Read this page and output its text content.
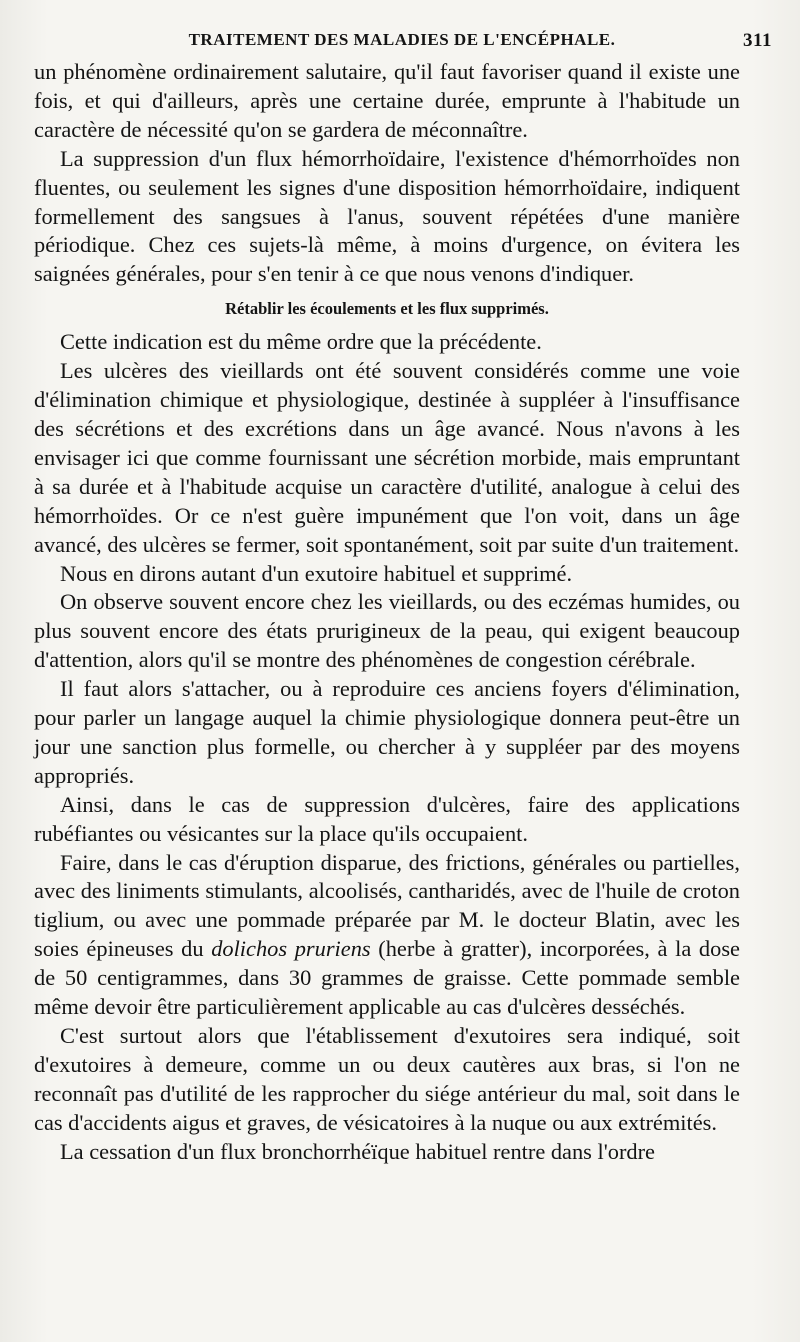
TRAITEMENT DES MALADIES DE L'ENCÉPHALE.	311

un phénomène ordinairement salutaire, qu'il faut favoriser quand il existe une fois, et qui d'ailleurs, après une certaine durée, emprunte à l'habitude un caractère de nécessité qu'on se gardera de méconnaître.

La suppression d'un flux hémorrhoïdaire, l'existence d'hémorrhoïdes non fluentes, ou seulement les signes d'une disposition hémorrhoïdaire, indiquent formellement des sangsues à l'anus, souvent répétées d'une manière périodique. Chez ces sujets-là même, à moins d'urgence, on évitera les saignées générales, pour s'en tenir à ce que nous venons d'indiquer.

Rétablir les écoulements et les flux supprimés.

Cette indication est du même ordre que la précédente.

Les ulcères des vieillards ont été souvent considérés comme une voie d'élimination chimique et physiologique, destinée à suppléer à l'insuffisance des sécrétions et des excrétions dans un âge avancé. Nous n'avons à les envisager ici que comme fournissant une sécrétion morbide, mais empruntant à sa durée et à l'habitude acquise un caractère d'utilité, analogue à celui des hémorrhoïdes. Or ce n'est guère impunément que l'on voit, dans un âge avancé, des ulcères se fermer, soit spontanément, soit par suite d'un traitement.

Nous en dirons autant d'un exutoire habituel et supprimé.

On observe souvent encore chez les vieillards, ou des eczémas humides, ou plus souvent encore des états prurigineux de la peau, qui exigent beaucoup d'attention, alors qu'il se montre des phénomènes de congestion cérébrale.

Il faut alors s'attacher, ou à reproduire ces anciens foyers d'élimination, pour parler un langage auquel la chimie physiologique donnera peut-être un jour une sanction plus formelle, ou chercher à y suppléer par des moyens appropriés.

Ainsi, dans le cas de suppression d'ulcères, faire des applications rubéfiantes ou vésicantes sur la place qu'ils occupaient.

Faire, dans le cas d'éruption disparue, des frictions, générales ou partielles, avec des liniments stimulants, alcoolisés, cantharidés, avec de l'huile de croton tiglium, ou avec une pommade préparée par M. le docteur Blatin, avec les soies épineuses du dolichos pruriens (herbe à gratter), incorporées, à la dose de 50 centigrammes, dans 30 grammes de graisse. Cette pommade semble même devoir être particulièrement applicable au cas d'ulcères desséchés.

C'est surtout alors que l'établissement d'exutoires sera indiqué, soit d'exutoires à demeure, comme un ou deux cautères aux bras, si l'on ne reconnaît pas d'utilité de les rapprocher du siége antérieur du mal, soit dans le cas d'accidents aigus et graves, de vésicatoires à la nuque ou aux extrémités.

La cessation d'un flux bronchorrhéïque habituel rentre dans l'ordre
